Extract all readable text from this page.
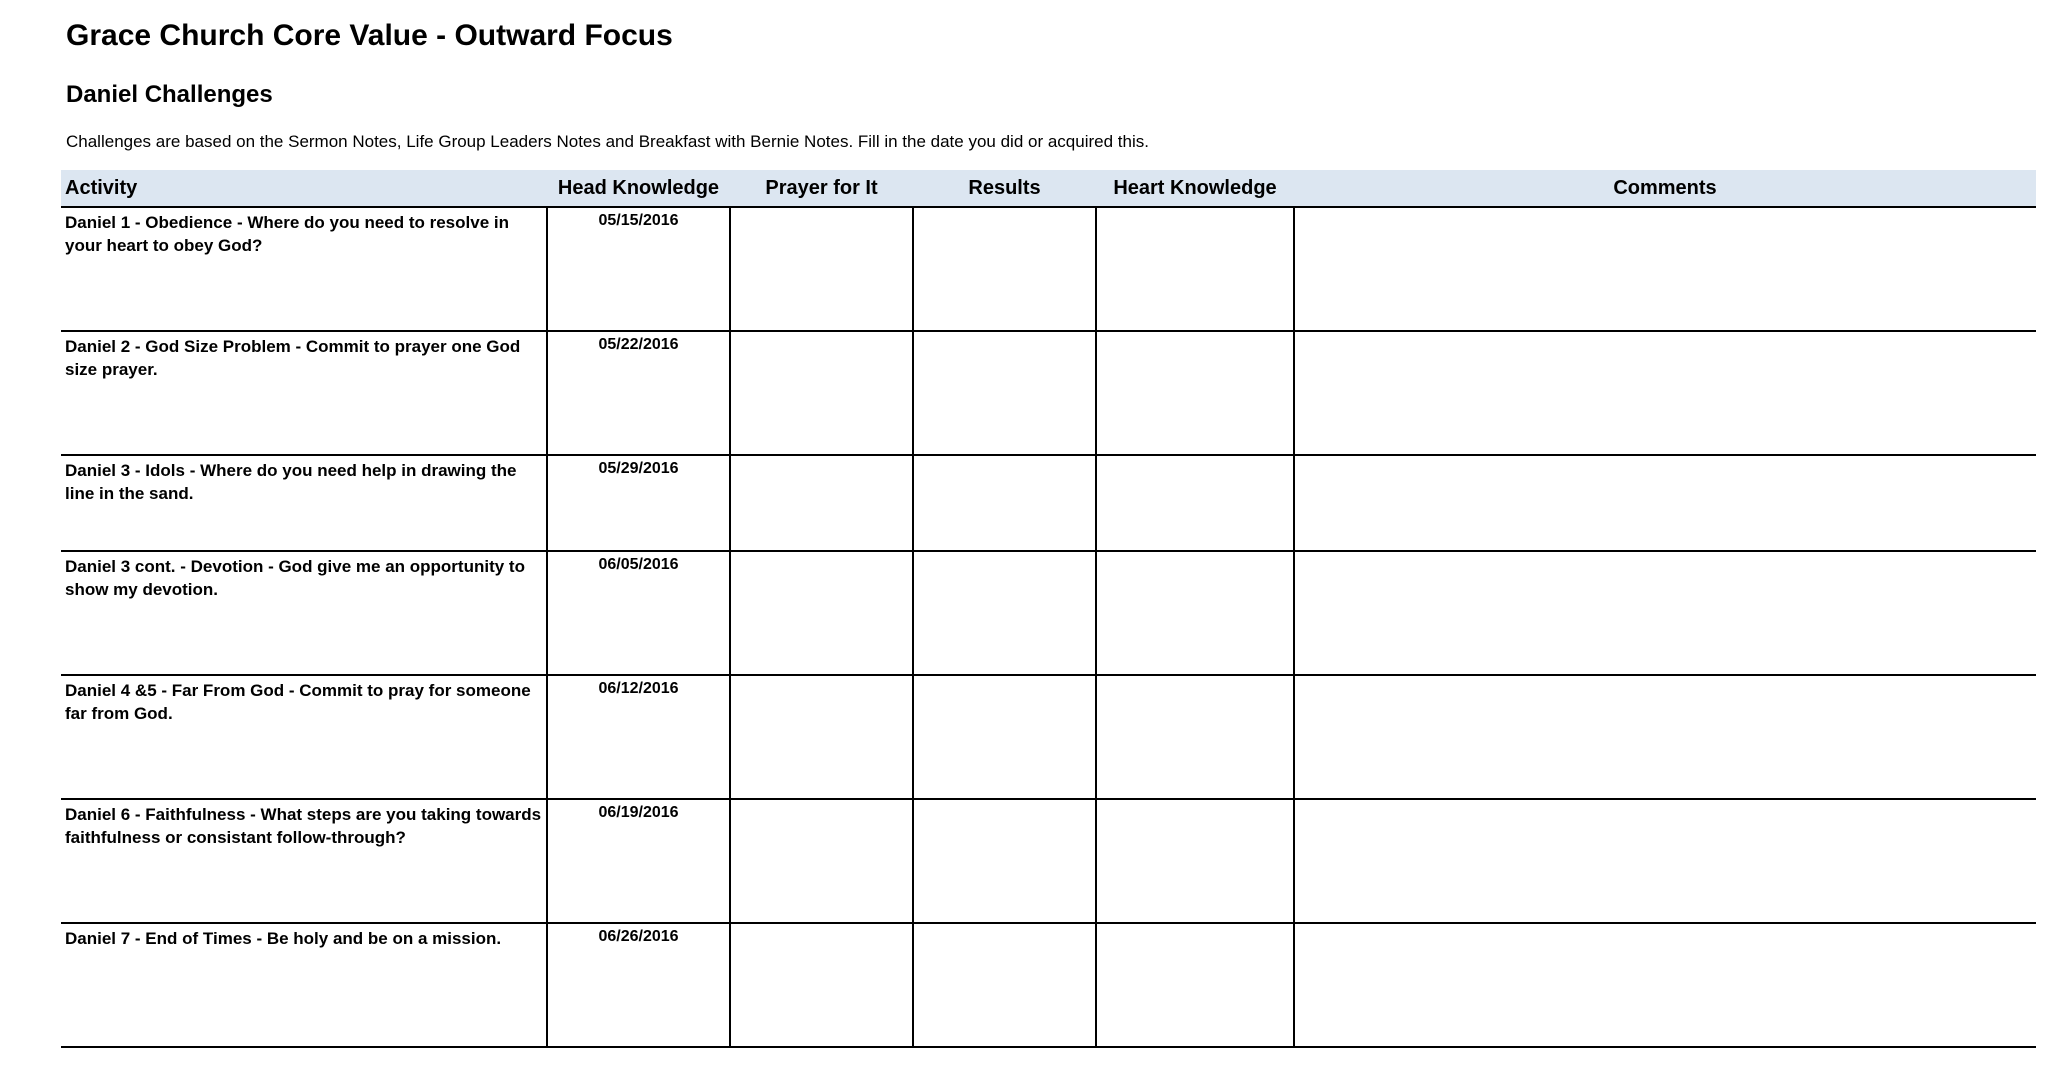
Grace Church Core Value - Outward Focus
Daniel Challenges
Challenges are based on the Sermon Notes, Life Group Leaders Notes and Breakfast with Bernie Notes. Fill in the date you did or acquired this.
Activity	Head Knowledge	Prayer for It	Results	Heart Knowledge	Comments
Daniel 1 - Obedience - Where do you need to resolve in your heart to obey God?	05/15/2016				
Daniel 2 - God Size Problem - Commit to prayer one God size prayer.	05/22/2016				
Daniel 3 - Idols - Where do you need help in drawing the line in the sand.	05/29/2016				
Daniel 3 cont. - Devotion - God give me an opportunity to show my devotion.	06/05/2016				
Daniel 4 &5 - Far From God - Commit to pray for someone far from God.	06/12/2016				
Daniel 6 - Faithfulness - What steps are you taking towards faithfulness or consistant follow-through?	06/19/2016				
Daniel 7 - End of Times - Be holy and be on a mission.	06/26/2016				
